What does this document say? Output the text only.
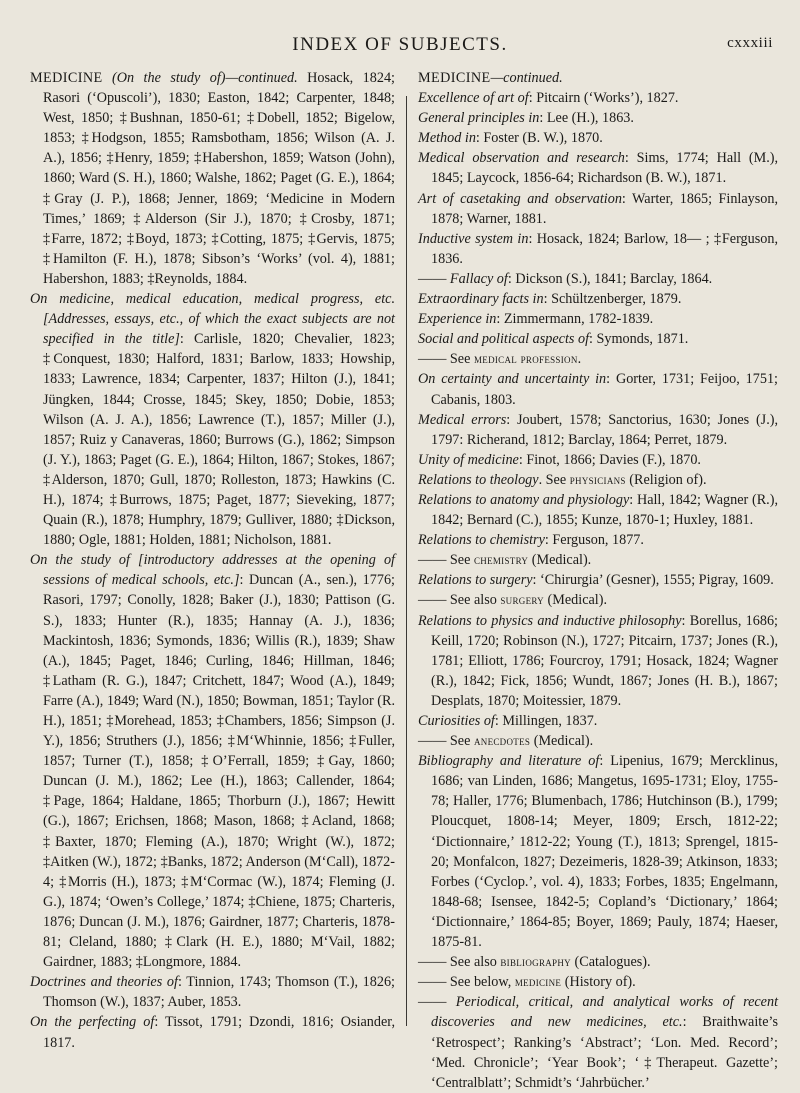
INDEX OF SUBJECTS.	cxxxiii

MEDICINE (On the study of)—continued. Hosack, 1824; Rasori (‘Opuscoli’), 1830; Easton, 1842; Carpenter, 1848; West, 1850; ‡Bushnan, 1850-61; ‡Dobell, 1852; Bigelow, 1853; ‡Hodgson, 1855; Ramsbotham, 1856; Wilson (A. J. A.), 1856; ‡Henry, 1859; ‡Habershon, 1859; Watson (John), 1860; Ward (S. H.), 1860; Walshe, 1862; Paget (G. E.), 1864; ‡Gray (J. P.), 1868; Jenner, 1869; ‘Medicine in Modern Times,’ 1869; ‡Alderson (Sir J.), 1870; ‡Crosby, 1871; ‡Farre, 1872; ‡Boyd, 1873; ‡Cotting, 1875; ‡Gervis, 1875; ‡Hamilton (F. H.), 1878; Sibson’s ‘Works’ (vol. 4), 1881; Habershon, 1883; ‡Reynolds, 1884.

On medicine, medical education, medical progress, etc. [Addresses, essays, etc., of which the exact subjects are not specified in the title]: Carlisle, 1820; Chevalier, 1823; ‡Conquest, 1830; Halford, 1831; Barlow, 1833; Howship, 1833; Lawrence, 1834; Carpenter, 1837; Hilton (J.), 1841; Jüngken, 1844; Crosse, 1845; Skey, 1850; Dobie, 1853; Wilson (A. J. A.), 1856; Lawrence (T.), 1857; Miller (J.), 1857; Ruiz y Canaveras, 1860; Burrows (G.), 1862; Simpson (J. Y.), 1863; Paget (G. E.), 1864; Hilton, 1867; Stokes, 1867; ‡Alderson, 1870; Gull, 1870; Rolleston, 1873; Hawkins (C. H.), 1874; ‡Burrows, 1875; Paget, 1877; Sieveking, 1877; Quain (R.), 1878; Humphry, 1879; Gulliver, 1880; ‡Dickson, 1880; Ogle, 1881; Holden, 1881; Nicholson, 1881.

On the study of [introductory addresses at the opening of sessions of medical schools, etc.]: Duncan (A., sen.), 1776; Rasori, 1797; Conolly, 1828; Baker (J.), 1830; Pattison (G. S.), 1833; Hunter (R.), 1835; Hannay (A. J.), 1836; Mackintosh, 1836; Symonds, 1836; Willis (R.), 1839; Shaw (A.), 1845; Paget, 1846; Curling, 1846; Hillman, 1846; ‡Latham (R. G.), 1847; Critchett, 1847; Wood (A.), 1849; Farre (A.), 1849; Ward (N.), 1850; Bowman, 1851; Taylor (R. H.), 1851; ‡Morehead, 1853; ‡Chambers, 1856; Simpson (J. Y.), 1856; Struthers (J.), 1856; ‡M‘Whinnie, 1856; ‡Fuller, 1857; Turner (T.), 1858; ‡O’Ferrall, 1859; ‡Gay, 1860; Duncan (J. M.), 1862; Lee (H.), 1863; Callender, 1864; ‡Page, 1864; Haldane, 1865; Thorburn (J.), 1867; Hewitt (G.), 1867; Erichsen, 1868; Mason, 1868; ‡Acland, 1868; ‡Baxter, 1870; Fleming (A.), 1870; Wright (W.), 1872; ‡Aitken (W.), 1872; ‡Banks, 1872; Anderson (M‘Call), 1872-4; ‡Morris (H.), 1873; ‡M‘Cormac (W.), 1874; Fleming (J. G.), 1874; ‘Owen’s College,’ 1874; ‡Chiene, 1875; Charteris, 1876; Duncan (J. M.), 1876; Gairdner, 1877; Charteris, 1878-81; Cleland, 1880; ‡Clark (H. E.), 1880; M‘Vail, 1882; Gairdner, 1883; ‡Longmore, 1884.

Doctrines and theories of: Tinnion, 1743; Thomson (T.), 1826; Thomson (W.), 1837; Auber, 1853.

On the perfecting of: Tissot, 1791; Dzondi, 1816; Osiander, 1817.

MEDICINE—continued.

Excellence of art of: Pitcairn (‘Works’), 1827.

General principles in: Lee (H.), 1863.

Method in: Foster (B. W.), 1870.

Medical observation and research: Sims, 1774; Hall (M.), 1845; Laycock, 1856-64; Richardson (B. W.), 1871.

Art of casetaking and observation: Warter, 1865; Finlayson, 1878; Warner, 1881.

Inductive system in: Hosack, 1824; Barlow, 18— ; ‡Ferguson, 1836.

—— Fallacy of: Dickson (S.), 1841; Barclay, 1864.

Extraordinary facts in: Schültzenberger, 1879.

Experience in: Zimmermann, 1782-1839.

Social and political aspects of: Symonds, 1871.

—— See medical profession.

On certainty and uncertainty in: Gorter, 1731; Feijoo, 1751; Cabanis, 1803.

Medical errors: Joubert, 1578; Sanctorius, 1630; Jones (J.), 1797: Richerand, 1812; Barclay, 1864; Perret, 1879.

Unity of medicine: Finot, 1866; Davies (F.), 1870.

Relations to theology. See physicians (Religion of).

Relations to anatomy and physiology: Hall, 1842; Wagner (R.), 1842; Bernard (C.), 1855; Kunze, 1870-1; Huxley, 1881.

Relations to chemistry: Ferguson, 1877.

—— See chemistry (Medical).

Relations to surgery: ‘Chirurgia’ (Gesner), 1555; Pigray, 1609.

—— See also surgery (Medical).

Relations to physics and inductive philosophy: Borellus, 1686; Keill, 1720; Robinson (N.), 1727; Pitcairn, 1737; Jones (R.), 1781; Elliott, 1786; Fourcroy, 1791; Hosack, 1824; Wagner (R.), 1842; Fick, 1856; Wundt, 1867; Jones (H. B.), 1867; Desplats, 1870; Moitessier, 1879.

Curiosities of: Millingen, 1837.

—— See anecdotes (Medical).

Bibliography and literature of: Lipenius, 1679; Mercklinus, 1686; van Linden, 1686; Mangetus, 1695-1731; Eloy, 1755-78; Haller, 1776; Blumenbach, 1786; Hutchinson (B.), 1799; Ploucquet, 1808-14; Meyer, 1809; Ersch, 1812-22; ‘Dictionnaire,’ 1812-22; Young (T.), 1813; Sprengel, 1815-20; Monfalcon, 1827; Dezeimeris, 1828-39; Atkinson, 1833; Forbes (‘Cyclop.’, vol. 4), 1833; Forbes, 1835; Engelmann, 1848-68; Isensee, 1842-5; Copland’s ‘Dictionary,’ 1864; ‘Dictionnaire,’ 1864-85; Boyer, 1869; Pauly, 1874; Haeser, 1875-81.

—— See also bibliography (Catalogues).

—— See below, medicine (History of).

—— Periodical, critical, and analytical works of recent discoveries and new medicines, etc.: Braithwaite’s ‘Retrospect’; Ranking’s ‘Abstract’; ‘Lon. Med. Record’; ‘Med. Chronicle’; ‘Year Book’; ‘‡Therapeut. Gazette’; ‘Centralblatt’; Schmidt’s ‘Jahrbücher.’
